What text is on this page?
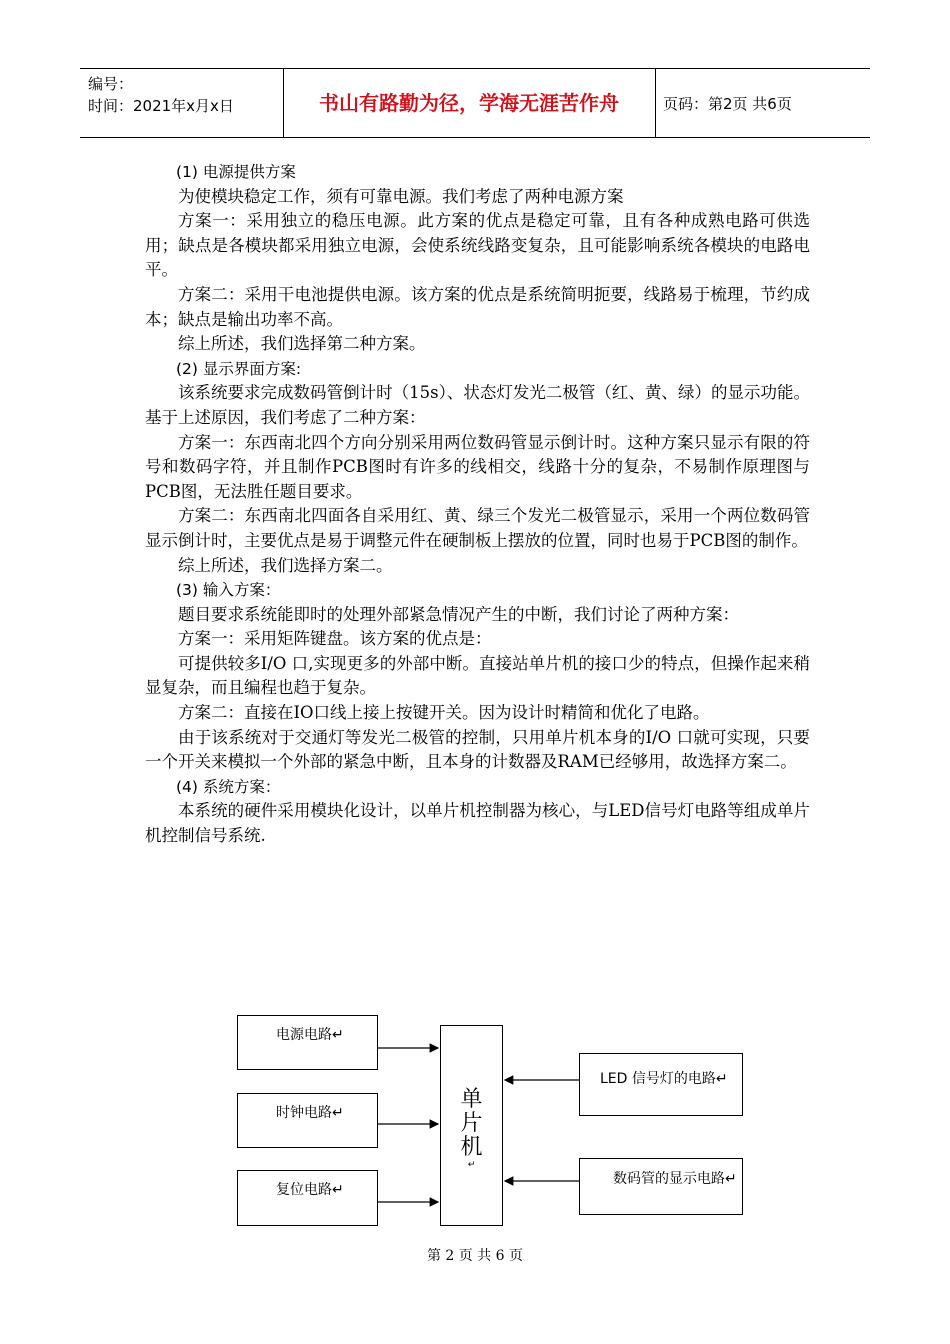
编号：
时间：2021年x月x日	书山有路勤为径，学海无涯苦作舟	页码：第2页 共6页

(1) 电源提供方案

为使模块稳定工作，须有可靠电源。我们考虑了两种电源方案

方案一：采用独立的稳压电源。此方案的优点是稳定可靠，且有各种成熟电路可供选用；缺点是各模块都采用独立电源，会使系统线路变复杂，且可能影响系统各模块的电路电平。

方案二：采用干电池提供电源。该方案的优点是系统简明扼要，线路易于梳理，节约成本；缺点是输出功率不高。

综上所述，我们选择第二种方案。

(2) 显示界面方案:

该系统要求完成数码管倒计时（15s）、状态灯发光二极管（红、黄、绿）的显示功能。基于上述原因，我们考虑了二种方案：

方案一：东西南北四个方向分别采用两位数码管显示倒计时。这种方案只显示有限的符号和数码字符，并且制作PCB图时有许多的线相交，线路十分的复杂，不易制作原理图与PCB图，无法胜任题目要求。

方案二：东西南北四面各自采用红、黄、绿三个发光二极管显示，采用一个两位数码管显示倒计时，主要优点是易于调整元件在硬制板上摆放的位置，同时也易于PCB图的制作。

综上所述，我们选择方案二。

(3) 输入方案：

题目要求系统能即时的处理外部紧急情况产生的中断，我们讨论了两种方案：

方案一：采用矩阵键盘。该方案的优点是：

可提供较多I/O 口,实现更多的外部中断。直接站单片机的接口少的特点，但操作起来稍显复杂，而且编程也趋于复杂。

方案二：直接在IO口线上接上按键开关。因为设计时精简和优化了电路。

由于该系统对于交通灯等发光二极管的控制，只用单片机本身的I/O 口就可实现，只要一个开关来模拟一个外部的紧急中断，且本身的计数器及RAM已经够用，故选择方案二。

(4) 系统方案：

本系统的硬件采用模块化设计，以单片机控制器为核心，与LED信号灯电路等组成单片机控制信号系统.

电源电路↵
时钟电路↵
复位电路↵
单
片
机
↵
LED 信号灯的电路↵
数码管的显示电路↵
第 2 页 共 6 页
